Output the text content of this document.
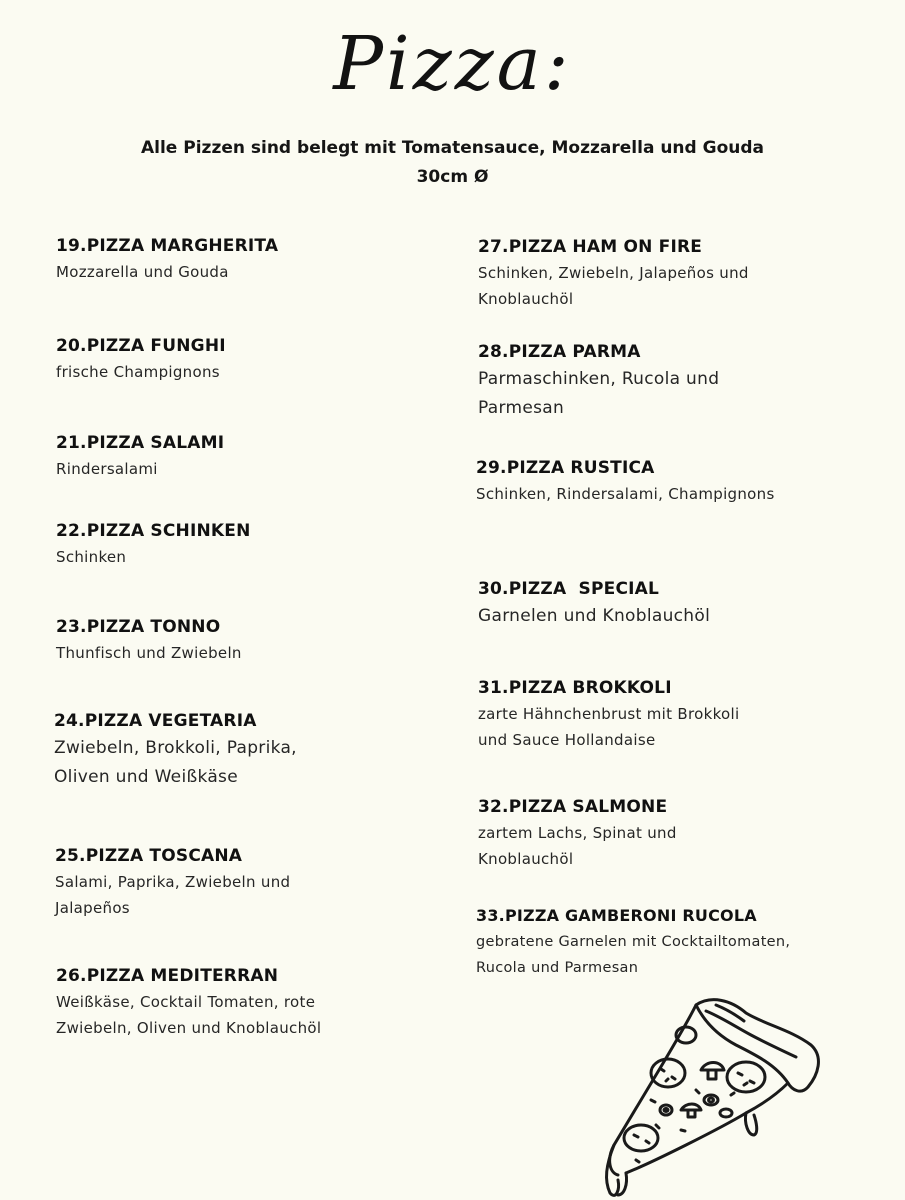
Pizza:
Alle Pizzen sind belegt mit Tomatensauce, Mozzarella und Gouda
30cm Ø
19.PIZZA MARGHERITA
Mozzarella und Gouda
20.PIZZA FUNGHI
frische Champignons
21.PIZZA SALAMI
Rindersalami
22.PIZZA SCHINKEN
Schinken
23.PIZZA TONNO
Thunfisch und Zwiebeln
24.PIZZA VEGETARIA
Zwiebeln, Brokkoli, Paprika,
Oliven und Weißkäse
25.PIZZA TOSCANA
Salami, Paprika, Zwiebeln und
Jalapeños
26.PIZZA MEDITERRAN
Weißkäse, Cocktail Tomaten, rote
Zwiebeln, Oliven und Knoblauchöl
27.PIZZA HAM ON FIRE
Schinken, Zwiebeln, Jalapeños und
Knoblauchöl
28.PIZZA PARMA
Parmaschinken, Rucola und
Parmesan
29.PIZZA RUSTICA
Schinken, Rindersalami, Champignons
30.PIZZA  SPECIAL
Garnelen und Knoblauchöl
31.PIZZA BROKKOLI
zarte Hähnchenbrust mit Brokkoli
und Sauce Hollandaise
32.PIZZA SALMONE
zartem Lachs, Spinat und
Knoblauchöl
33.PIZZA GAMBERONI RUCOLA
gebratene Garnelen mit Cocktailtomaten,
Rucola und Parmesan
